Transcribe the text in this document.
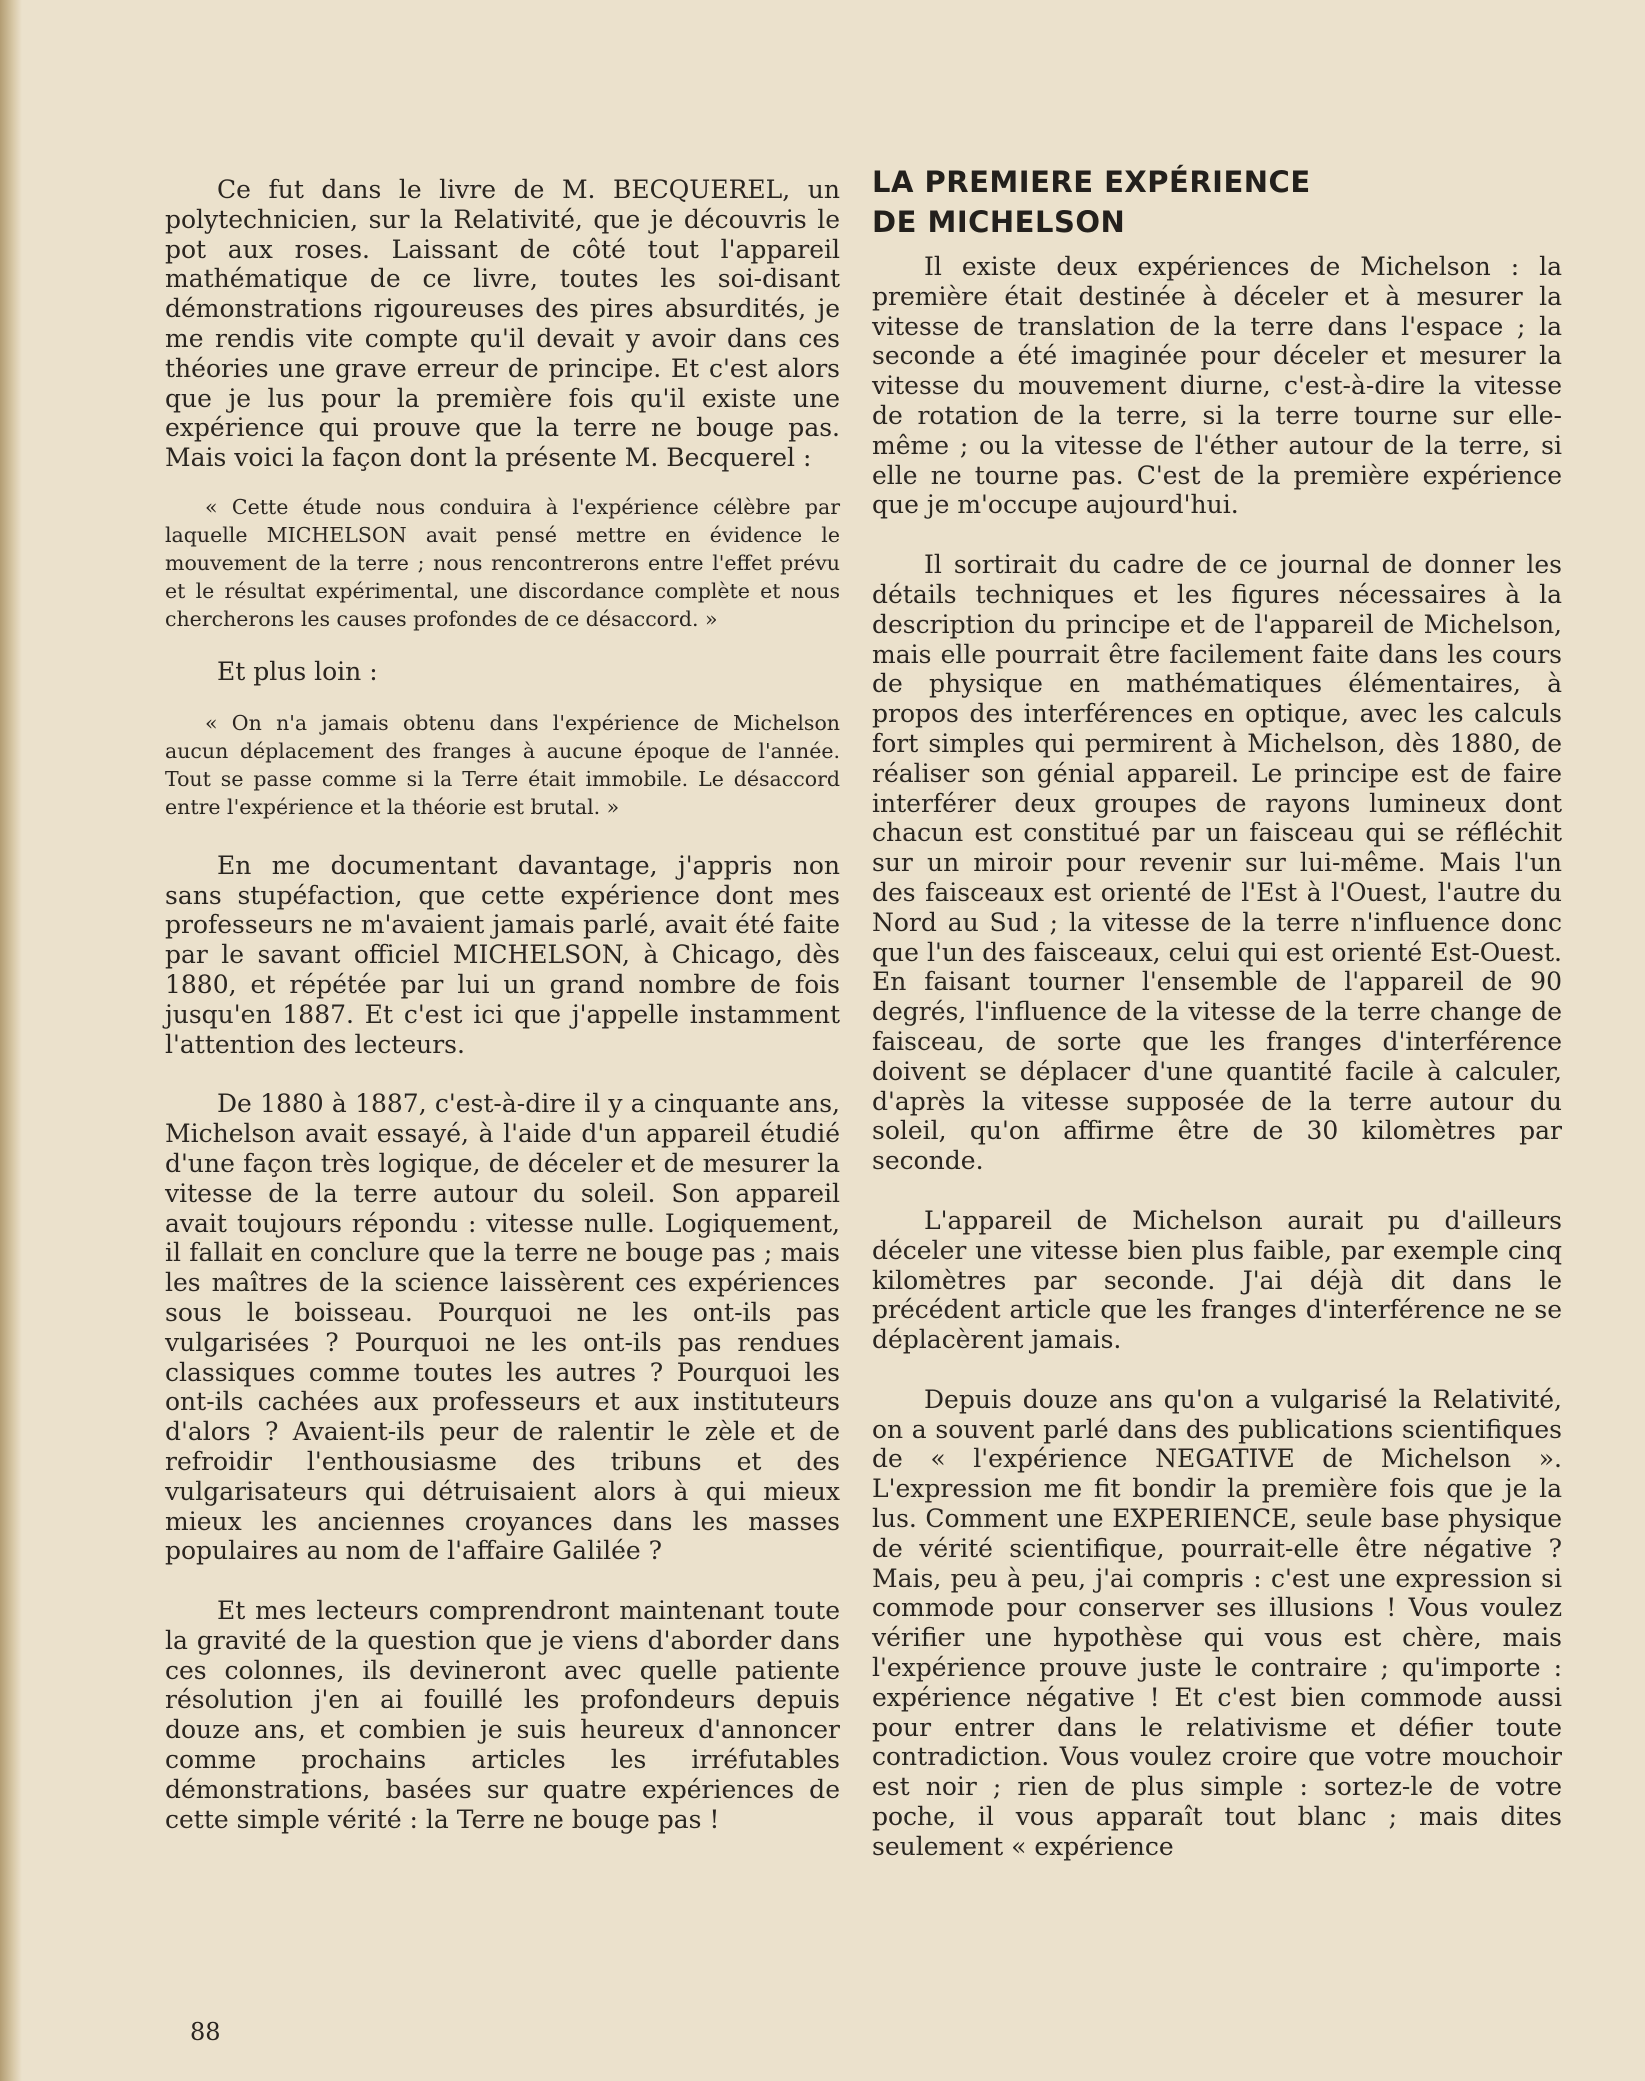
Ce fut dans le livre de M. BECQUEREL, un polytechnicien, sur la Relativité, que je découvris le pot aux roses. Laissant de côté tout l'appareil mathématique de ce livre, toutes les soi-disant démonstrations rigoureuses des pires absurdités, je me rendis vite compte qu'il devait y avoir dans ces théories une grave erreur de principe. Et c'est alors que je lus pour la première fois qu'il existe une expérience qui prouve que la terre ne bouge pas. Mais voici la façon dont la présente M. Becquerel :

« Cette étude nous conduira à l'expérience célèbre par laquelle MICHELSON avait pensé mettre en évidence le mouvement de la terre ; nous rencontrerons entre l'effet prévu et le résultat expérimental, une discordance complète et nous chercherons les causes profondes de ce désaccord. »

Et plus loin :

« On n'a jamais obtenu dans l'expérience de Michelson aucun déplacement des franges à aucune époque de l'année. Tout se passe comme si la Terre était immobile. Le désaccord entre l'expérience et la théorie est brutal. »

En me documentant davantage, j'appris non sans stupéfaction, que cette expérience dont mes professeurs ne m'avaient jamais parlé, avait été faite par le savant officiel MICHELSON, à Chicago, dès 1880, et répétée par lui un grand nombre de fois jusqu'en 1887. Et c'est ici que j'appelle instamment l'attention des lecteurs.

De 1880 à 1887, c'est-à-dire il y a cinquante ans, Michelson avait essayé, à l'aide d'un appareil étudié d'une façon très logique, de déceler et de mesurer la vitesse de la terre autour du soleil. Son appareil avait toujours répondu : vitesse nulle. Logiquement, il fallait en conclure que la terre ne bouge pas ; mais les maîtres de la science laissèrent ces expériences sous le boisseau. Pourquoi ne les ont-ils pas vulgarisées ? Pourquoi ne les ont-ils pas rendues classiques comme toutes les autres ? Pourquoi les ont-ils cachées aux professeurs et aux instituteurs d'alors ? Avaient-ils peur de ralentir le zèle et de refroidir l'enthousiasme des tribuns et des vulgarisateurs qui détruisaient alors à qui mieux mieux les anciennes croyances dans les masses populaires au nom de l'affaire Galilée ?

Et mes lecteurs comprendront maintenant toute la gravité de la question que je viens d'aborder dans ces colonnes, ils devineront avec quelle patiente résolution j'en ai fouillé les profondeurs depuis douze ans, et combien je suis heureux d'annoncer comme prochains articles les irréfutables démonstrations, basées sur quatre expériences de cette simple vérité : la Terre ne bouge pas !

LA PREMIERE EXPÉRIENCE
DE MICHELSON

Il existe deux expériences de Michelson : la première était destinée à déceler et à mesurer la vitesse de translation de la terre dans l'espace ; la seconde a été imaginée pour déceler et mesurer la vitesse du mouvement diurne, c'est-à-dire la vitesse de rotation de la terre, si la terre tourne sur elle-même ; ou la vitesse de l'éther autour de la terre, si elle ne tourne pas. C'est de la première expérience que je m'occupe aujourd'hui.

Il sortirait du cadre de ce journal de donner les détails techniques et les figures nécessaires à la description du principe et de l'appareil de Michelson, mais elle pourrait être facilement faite dans les cours de physique en mathématiques élémentaires, à propos des interférences en optique, avec les calculs fort simples qui permirent à Michelson, dès 1880, de réaliser son génial appareil. Le principe est de faire interférer deux groupes de rayons lumineux dont chacun est constitué par un faisceau qui se réfléchit sur un miroir pour revenir sur lui-même. Mais l'un des faisceaux est orienté de l'Est à l'Ouest, l'autre du Nord au Sud ; la vitesse de la terre n'influence donc que l'un des faisceaux, celui qui est orienté Est-Ouest. En faisant tourner l'ensemble de l'appareil de 90 degrés, l'influence de la vitesse de la terre change de faisceau, de sorte que les franges d'interférence doivent se déplacer d'une quantité facile à calculer, d'après la vitesse supposée de la terre autour du soleil, qu'on affirme être de 30 kilomètres par seconde.

L'appareil de Michelson aurait pu d'ailleurs déceler une vitesse bien plus faible, par exemple cinq kilomètres par seconde. J'ai déjà dit dans le précédent article que les franges d'interférence ne se déplacèrent jamais.

Depuis douze ans qu'on a vulgarisé la Relativité, on a souvent parlé dans des publications scientifiques de « l'expérience NEGATIVE de Michelson ». L'expression me fit bondir la première fois que je la lus. Comment une EXPERIENCE, seule base physique de vérité scientifique, pourrait-elle être négative ? Mais, peu à peu, j'ai compris : c'est une expression si commode pour conserver ses illusions ! Vous voulez vérifier une hypothèse qui vous est chère, mais l'expérience prouve juste le contraire ; qu'importe : expérience négative ! Et c'est bien commode aussi pour entrer dans le relativisme et défier toute contradiction. Vous voulez croire que votre mouchoir est noir ; rien de plus simple : sortez-le de votre poche, il vous apparaît tout blanc ; mais dites seulement « expérience

88
